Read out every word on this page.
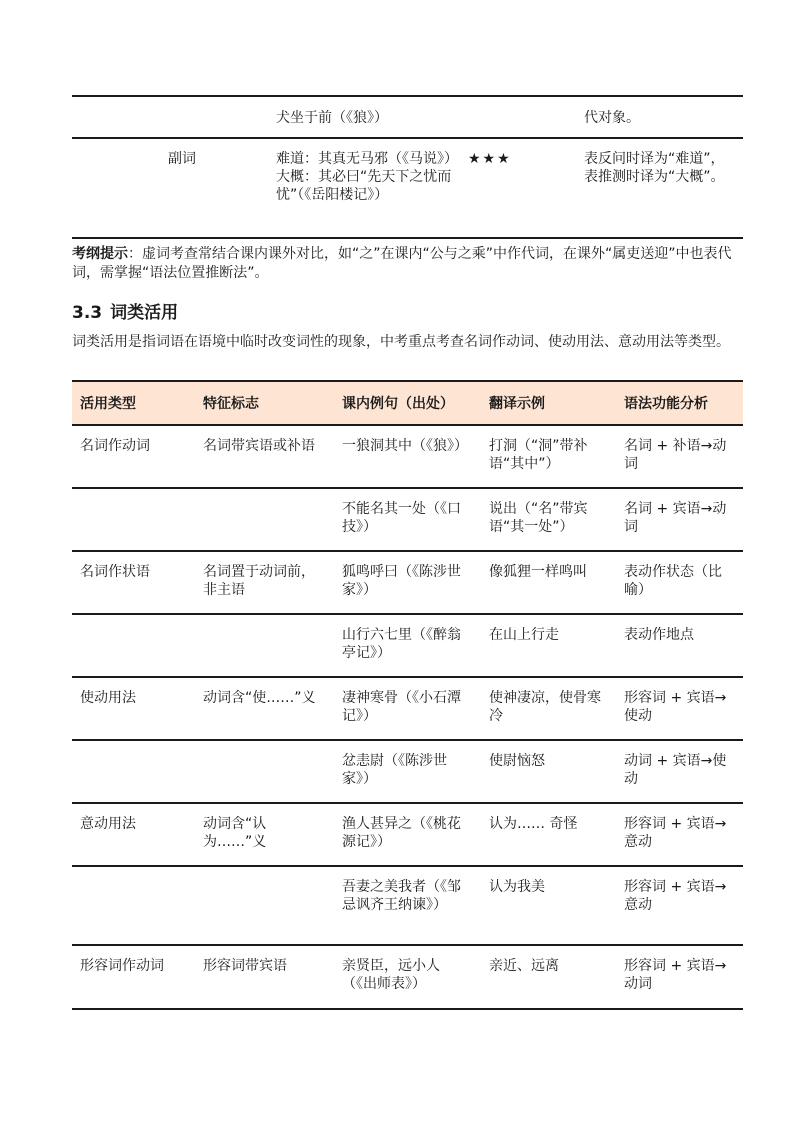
		犬坐于前（《狼》）		代对象。
	副词	难道：其真无马邪（《马说》）大概：其必曰“先天下之忧而忧”（《岳阳楼记》）	★★★	表反问时译为“难道”，表推测时译为“大概”。
考纲提示：虚词考查常结合课内课外对比，如“之”在课内“公与之乘”中作代词，在课外“属吏送迎”中也表代词，需掌握“语法位置推断法”。
3.3 词类活用
词类活用是指词语在语境中临时改变词性的现象，中考重点考查名词作动词、使动用法、意动用法等类型。
活用类型	特征标志	课内例句（出处）	翻译示例	语法功能分析
名词作动词	名词带宾语或补语	一狼洞其中（《狼》）	打洞（“洞”带补语“其中”）	名词 + 补语→动词

		不能名其一处（《口技》）	说出（“名”带宾语“其一处”）	名词 + 宾语→动词

名词作状语	名词置于动词前，非主语	狐鸣呼曰（《陈涉世家》）	像狐狸一样鸣叫	表动作状态（比喻）
		山行六七里（《醉翁亭记》）	在山上行走	表动作地点
使动用法	动词含“使……”义	凄神寒骨（《小石潭记》）	使神凄凉，使骨寒冷	形容词 + 宾语→使动

		忿恚尉（《陈涉世家》）	使尉恼怒	动词 + 宾语→使动

意动用法	动词含“认为……”义	渔人甚异之（《桃花源记》）	认为…… 奇怪	形容词 + 宾语→意动

		吾妻之美我者（《邹忌讽齐王纳谏》）	认为我美	形容词 + 宾语→意动

形容词作动词	形容词带宾语	亲贤臣，远小人（《出师表》）	亲近、远离	形容词 + 宾语→动词
